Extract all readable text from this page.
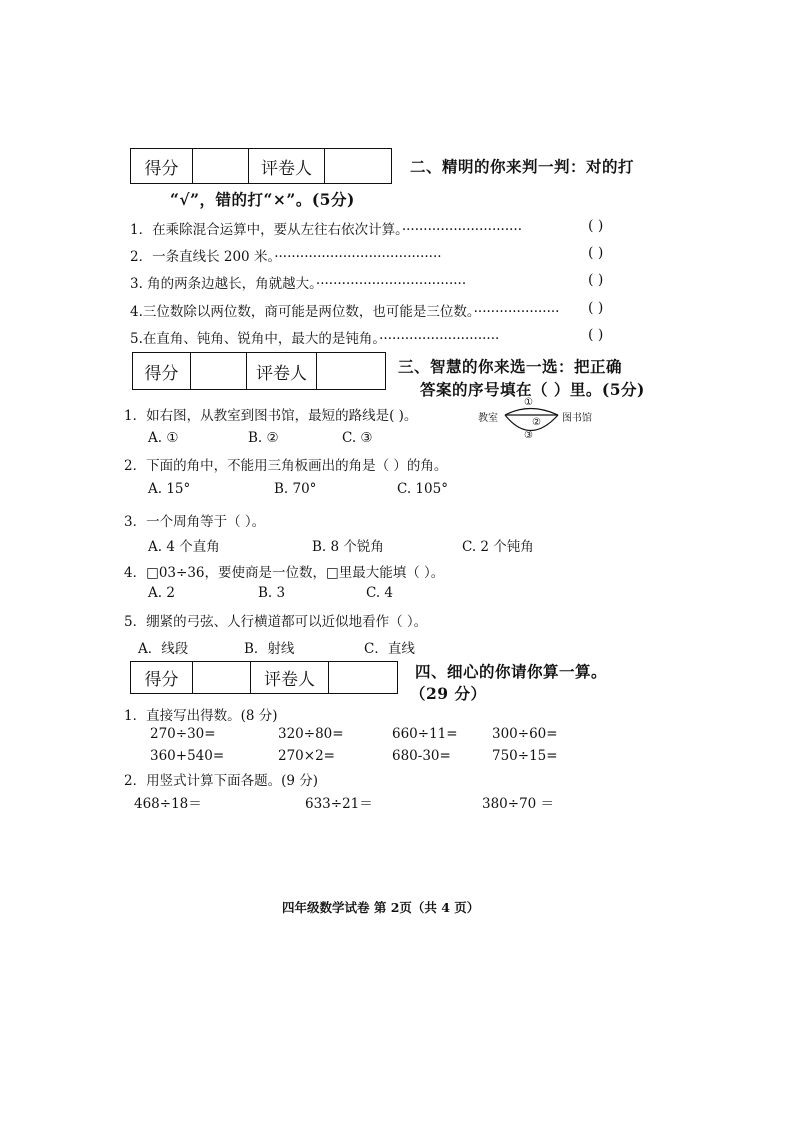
得分	评卷人	二、精明的你来判一判：对的打
“√”，错的打“×”。(5分)
1．在乘除混合运算中，要从左往右依次计算。····························	( )
2．一条直线长 200 米。·······································	( )
3. 角的两条边越长，角就越大。···································	( )
4.三位数除以两位数，商可能是两位数，也可能是三位数。···················· ( )
5.在直角、钝角、锐角中，最大的是钝角。····························	( )
得分	评卷人	三、智慧的你来选一选：把正确
答案的序号填在（ ）里。(5分)
教室	图书馆
①
②
③
1．如右图，从教室到图书馆，最短的路线是( )。
A. ①	B. ②	C. ③
2．下面的角中，不能用三角板画出的角是（ ）的角。
A. 15°	B. 70°	C. 105°
3．一个周角等于（ ）。
A. 4 个直角	B. 8 个锐角	C. 2 个钝角
4．□03÷36，要使商是一位数，□里最大能填（ ）。
A. 2	B. 3	C. 4
5．绷紧的弓弦、人行横道都可以近似地看作（ ）。
A．线段	B．射线	C．直线
得分	评卷人	四、细心的你请你算一算。
（29 分）
1．直接写出得数。(8 分)
270÷30=	320÷80=	660÷11=	300÷60=
360+540=	270×2=	680-30=	750÷15=
2．用竖式计算下面各题。(9 分)
468÷18＝	633÷21＝	380÷70 ＝
四年级数学试卷 第 2页（共 4 页）
